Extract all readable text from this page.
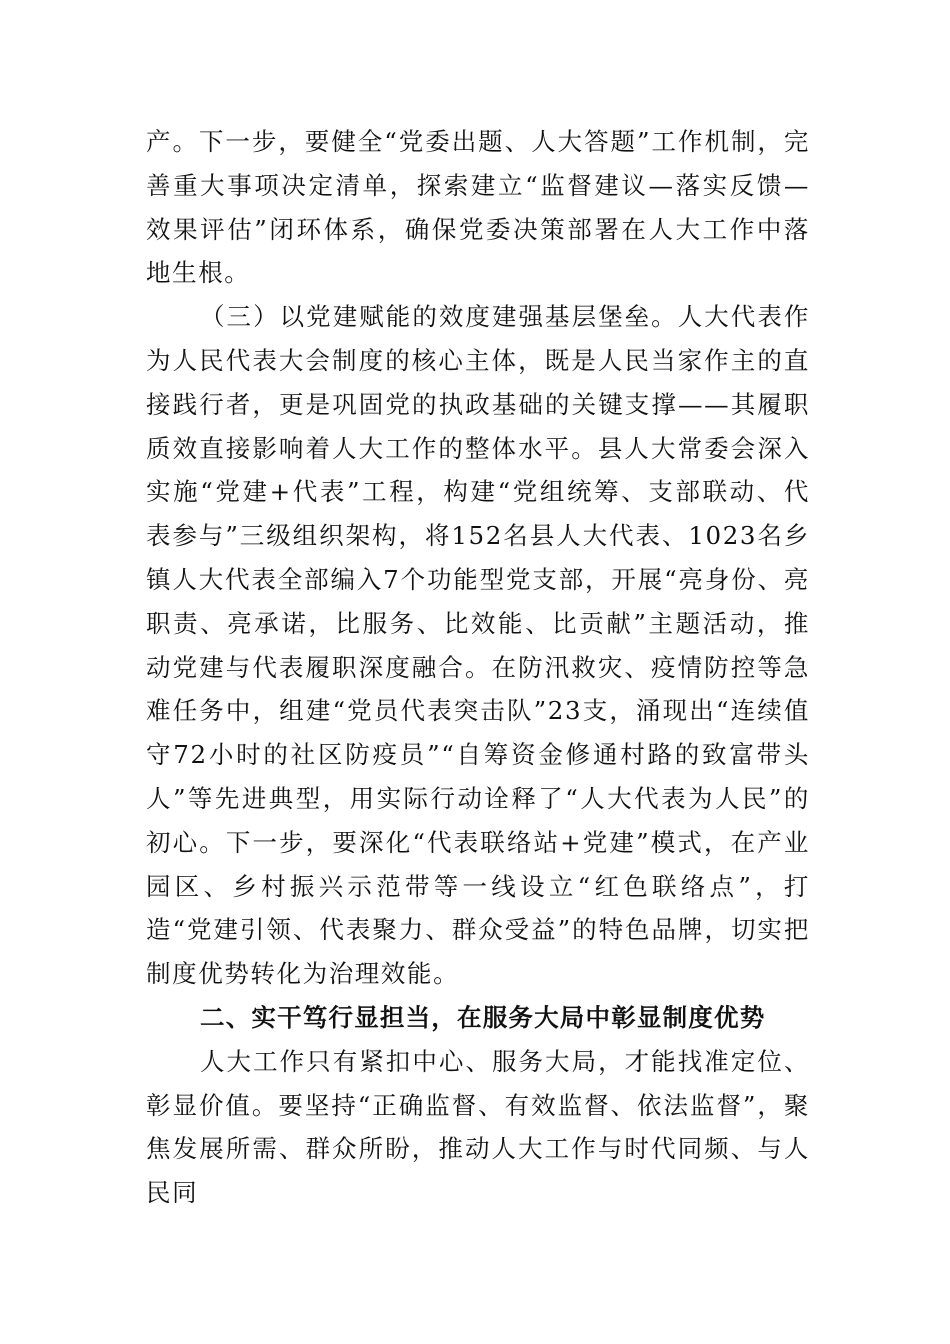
产。下一步，要健全“党委出题、人大答题”工作机制，完善重大事项决定清单，探索建立“监督建议—落实反馈—效果评估”闭环体系，确保党委决策部署在人大工作中落地生根。

（三）以党建赋能的效度建强基层堡垒。人大代表作为人民代表大会制度的核心主体，既是人民当家作主的直接践行者，更是巩固党的执政基础的关键支撑——其履职质效直接影响着人大工作的整体水平。县人大常委会深入实施“党建+代表”工程，构建“党组统筹、支部联动、代表参与”三级组织架构，将152名县人大代表、1023名乡镇人大代表全部编入7个功能型党支部，开展“亮身份、亮职责、亮承诺，比服务、比效能、比贡献”主题活动，推动党建与代表履职深度融合。在防汛救灾、疫情防控等急难任务中，组建“党员代表突击队”23支，涌现出“连续值守72小时的社区防疫员”“自筹资金修通村路的致富带头人”等先进典型，用实际行动诠释了“人大代表为人民”的初心。下一步，要深化“代表联络站+党建”模式，在产业园区、乡村振兴示范带等一线设立“红色联络点”，打造“党建引领、代表聚力、群众受益”的特色品牌，切实把制度优势转化为治理效能。

二、实干笃行显担当，在服务大局中彰显制度优势

人大工作只有紧扣中心、服务大局，才能找准定位、彰显价值。要坚持“正确监督、有效监督、依法监督”，聚焦发展所需、群众所盼，推动人大工作与时代同频、与人民同
